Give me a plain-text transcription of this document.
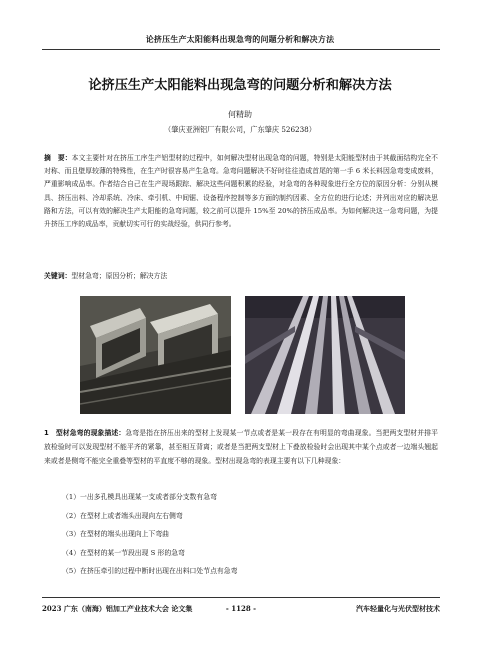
论挤压生产太阳能料出现急弯的问题分析和解决方法
论挤压生产太阳能料出现急弯的问题分析和解决方法
何精助
（肇庆亚洲铝厂有限公司，广东肇庆 526238）
摘　要：本文主要针对在挤压工序生产铝型材的过程中，如何解决型材出现急弯的问题，特别是太阳能型材由于其截面结构完全不对称、而且壁厚较薄的特殊性，在生产时很容易产生急弯。急弯问题解决不好时往往造成首尾的第一手 6 米长料因急弯变成废料，严重影响成品率。作者结合自己在生产现场跟踪、解决这些问题积累的经验，对急弯的各种现象进行全方位的原因分析：分别从模具、挤压出料、冷却系统、冷床、牵引机、中间锯、设备程序控制等多方面的制约因素、全方位的进行论述；并列出对应的解决思路和方法，可以有效的解决生产太阳能的急弯问题，较之前可以提升 15%至 20%的挤压成品率。为如何解决这一急弯问题，为提升挤压工序的成品率，贡献切实可行的实战经验，供同行参考。
关键词：型材急弯；原因分析；解决方法
1　型材急弯的现象描述：急弯是指在挤压出来的型材上发现某一节点或者是某一段存在有明显的弯曲现象。当把两支型材并排平放检验时可以发现型材不能平齐的紧靠，甚至相互背离；或者是当把两支型材上下叠放检验时会出现其中某个点或者一边端头翘起来或者是侧弯不能完全重叠等型材的平直度不够的现象。型材出现急弯的表现主要有以下几种现象：
（1）一出多孔模具出现某一支或者部分支数有急弯
（2）在型材上或者端头出现向左右侧弯
（3）在型材的端头出现向上下弯曲
（4）在型材的某一节段出现 S 形的急弯
（5）在挤压牵引的过程中断时出现在出料口处节点有急弯
2023 广东（南海）铝加工产业技术大会 论文集	- 1128 -	汽车轻量化与光伏型材技术
